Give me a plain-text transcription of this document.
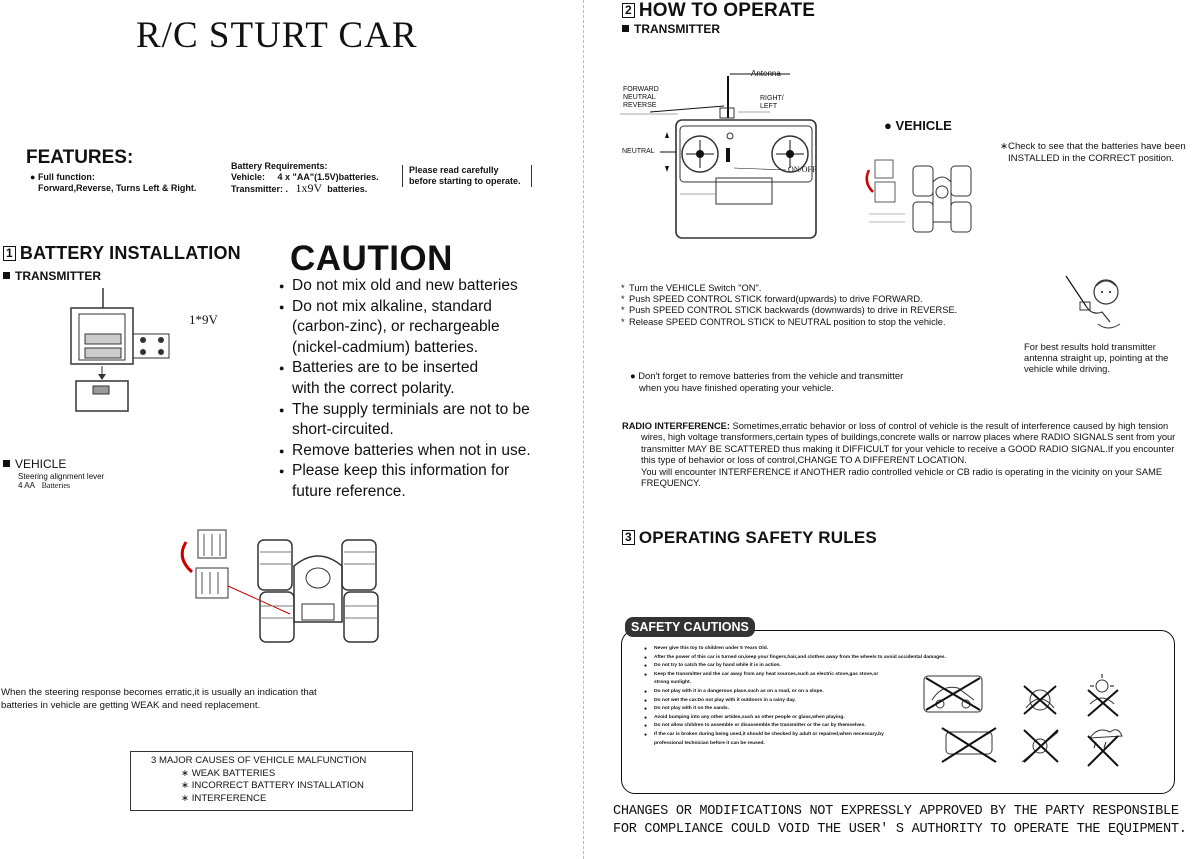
R/C STURT CAR
FEATURES:
● Full function:
Forward,Reverse, Turns Left & Right.
Battery Requirements:
Vehicle: 4 x "AA"(1.5V)batteries.
Transmitter: . 1x9V batteries.
Please read carefully before starting to operate.
1 BATTERY INSTALLATION
TRANSMITTER
1*9V
VEHICLE
Steering alignment lever
4 AA Batteries
When the steering response becomes erratic,it is usually an indication that batteries in vehicle are getting WEAK and need replacement.
CAUTION
● Do not mix old and new batteries
● Do not mix alkaline, standard (carbon-zinc), or rechargeable (nickel-cadmium) batteries.
● Batteries are to be inserted with the correct polarity.
● The supply terminials are not to be short-circuited.
● Remove batteries when not in use.
● Please keep this information for future reference.
3 MAJOR CAUSES OF VEHICLE MALFUNCTION
∗ WEAK BATTERIES
∗ INCORRECT BATTERY INSTALLATION
∗ INTERFERENCE
2 HOW TO OPERATE
TRANSMITTER
Antenna
FORWARD
NEUTRAL
REVERSE
RIGHT/
LEFT
NEUTRAL
ON/OFF
● VEHICLE
∗Check to see that the batteries have been INSTALLED in the CORRECT position.
* Turn the VEHICLE Switch "ON".
* Push SPEED CONTROL STICK forward(upwards) to drive FORWARD.
* Push SPEED CONTROL STICK backwards (downwards) to drive in REVERSE.
* Release SPEED CONTROL STICK to NEUTRAL position to stop the vehicle.
For best results hold transmitter antenna straight up, pointing at the vehicle while driving.
● Don't forget to remove batteries from the vehicle and transmitter when you have finished operating your vehicle.
RADIO INTERFERENCE: Sometimes,erratic behavior or loss of control of vehicle is the result of interference caused by high tension wires, high voltage transformers,certain types of buildings,concrete walls or narrow places where RADIO SIGNALS sent from your transmitter MAY BE SCATTERED thus making it DIFFICULT for your vehicle to receive a GOOD RADIO SIGNAL.If you encounter this type of behavior or loss of control,CHANGE TO A DIFFERENT LOCATION.
You will encounter INTERFERENCE if ANOTHER radio controlled vehicle or CB radio is operating in the vicinity on your SAME FREQUENCY.
3 OPERATING SAFETY RULES
SAFETY CAUTIONS
● Never give this toy to children under 5 Years Old.
● After the power of this car is turned on,keep your fingers,hair,and clothes away from the wheels to avoid accidental damages.
● Do not try to catch the car by hand while it is in action.
● Keep the transmitter and the car away from any heat sources,such as electric stove,gas stove,or strong sunlight.
● Do not play with it in a dangerous place,such as on a road, or on a slope.
● Do not wet the car.Do not play with it outdoors in a rainy day.
● Do not play with it on the sands.
● Avoid bumping into any other artides,such as other people or glass,when playing.
● Do not allow children to assemble or disassemble the transmitter or the car by themselves.
● If the car is broken during being used,it should be checked by adult or repaired,when necessary,by professional technician before it can be reused.
CHANGES OR MODIFICATIONS NOT EXPRESSLY APPROVED BY THE PARTY RESPONSIBLE FOR COMPLIANCE COULD VOID THE USER' S AUTHORITY TO OPERATE THE EQUIPMENT.
